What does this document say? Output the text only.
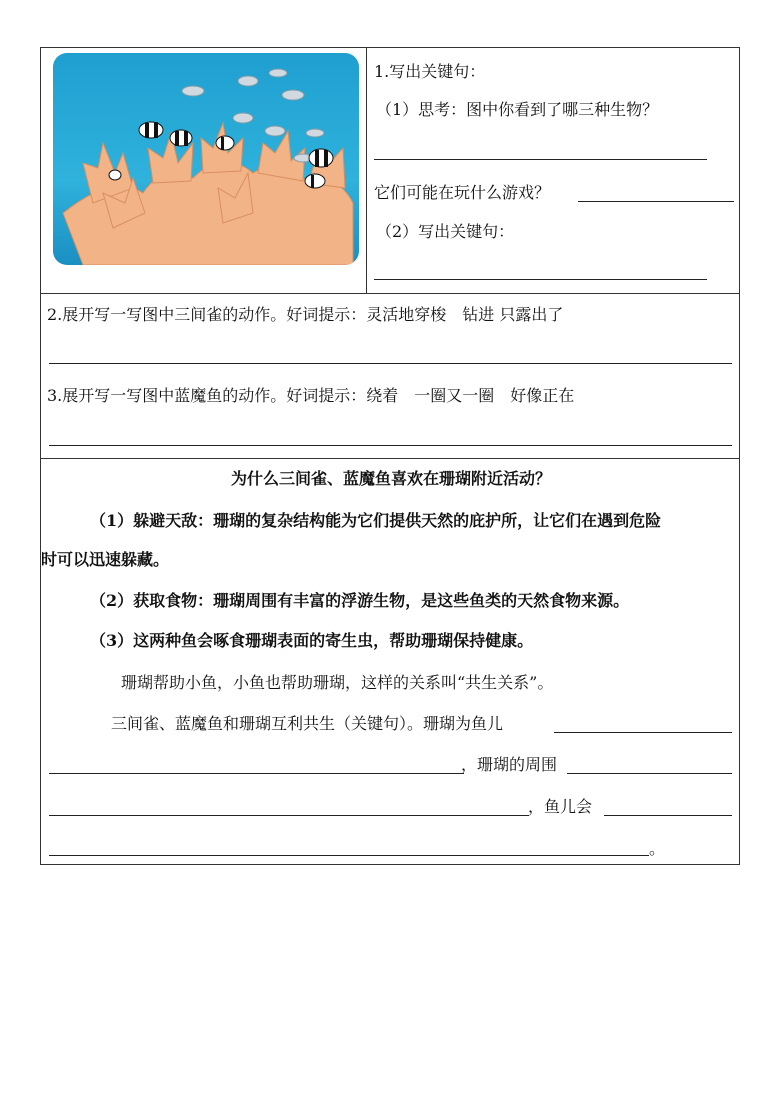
1.写出关键句：
（1）思考：图中你看到了哪三种生物？
它们可能在玩什么游戏？
（2）写出关键句：
2.展开写一写图中三间雀的动作。好词提示：灵活地穿梭　钻进 只露出了
3.展开写一写图中蓝魔鱼的动作。好词提示：绕着　一圈又一圈　好像正在
为什么三间雀、蓝魔鱼喜欢在珊瑚附近活动？
（1）躲避天敌：珊瑚的复杂结构能为它们提供天然的庇护所，让它们在遇到危险
时可以迅速躲藏。
（2）获取食物：珊瑚周围有丰富的浮游生物，是这些鱼类的天然食物来源。
（3）这两种鱼会啄食珊瑚表面的寄生虫，帮助珊瑚保持健康。
珊瑚帮助小鱼，小鱼也帮助珊瑚，这样的关系叫“共生关系”。
三间雀、蓝魔鱼和珊瑚互利共生（关键句）。珊瑚为鱼儿
，珊瑚的周围
，鱼儿会
。
